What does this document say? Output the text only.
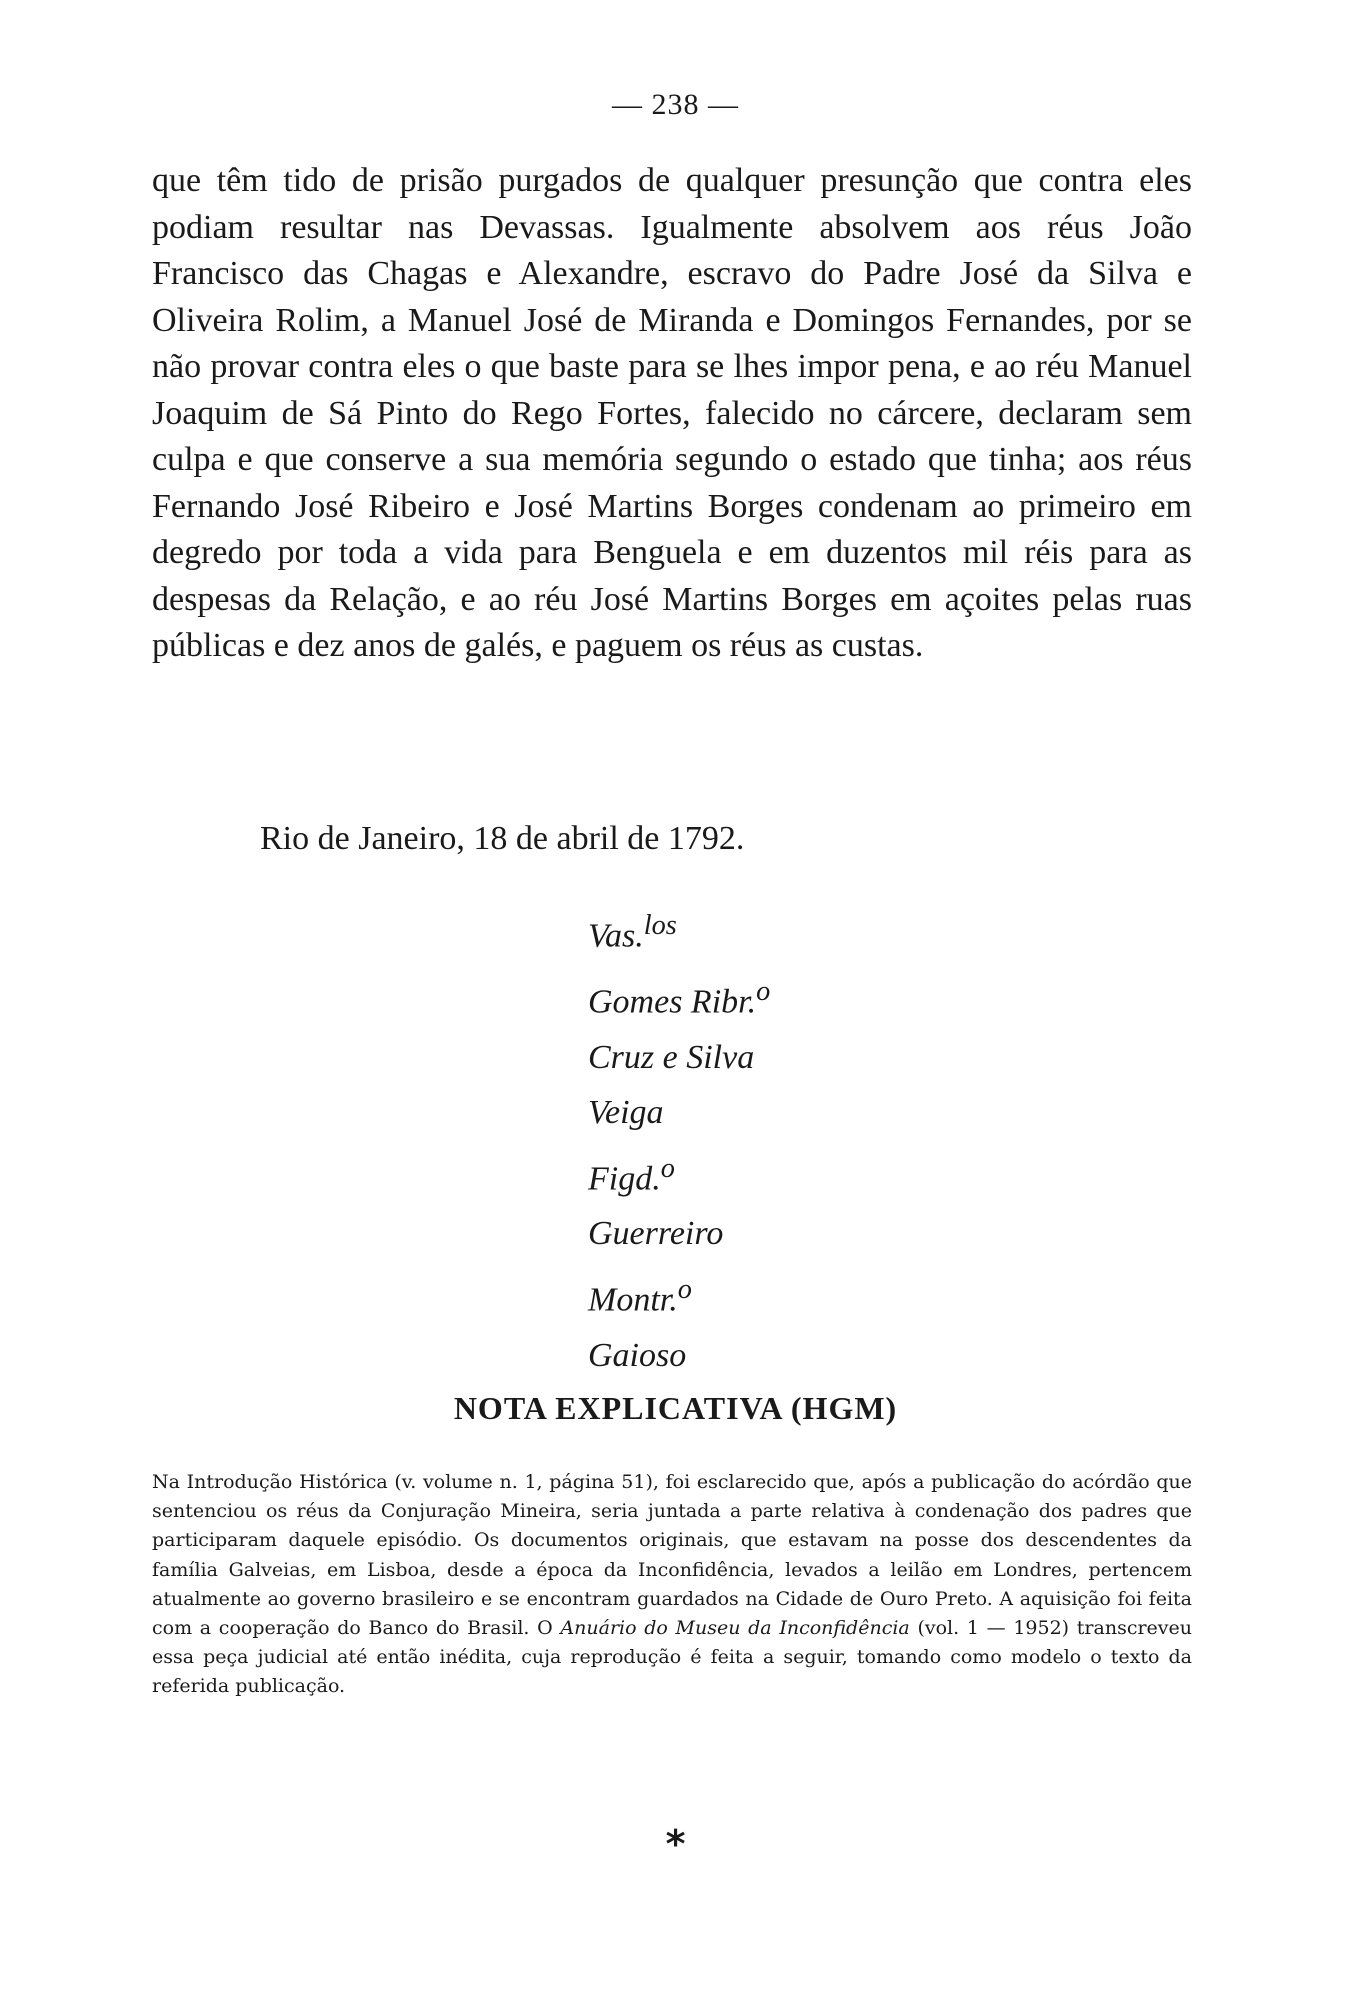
— 238 —

que têm tido de prisão purgados de qualquer presunção que contra eles podiam resultar nas Devassas. Igualmente absolvem aos réus João Francisco das Chagas e Alexandre, escravo do Padre José da Silva e Oliveira Rolim, a Manuel José de Miranda e Domingos Fernandes, por se não provar contra eles o que baste para se lhes impor pena, e ao réu Manuel Joaquim de Sá Pinto do Rego Fortes, falecido no cárcere, declaram sem culpa e que conserve a sua memória segundo o estado que tinha; aos réus Fernando José Ribeiro e José Martins Borges condenam ao primeiro em degredo por toda a vida para Benguela e em duzentos mil réis para as despesas da Relação, e ao réu José Martins Borges em açoites pelas ruas públicas e dez anos de galés, e paguem os réus as custas.

Rio de Janeiro, 18 de abril de 1792.

Vas.$^{los}$
Gomes Ribr.$^o$
Cruz e Silva
Veiga
Figd.$^o$
Guerreiro
Montr.$^o$
Gaioso
NOTA EXPLICATIVA (HGM)

Na Introdução Histórica (v. volume n. 1, página 51), foi esclarecido que, após a publicação do acórdão que sentenciou os réus da Conjuração Mineira, seria juntada a parte relativa à condenação dos padres que participaram daquele episódio. Os documentos originais, que estavam na posse dos descendentes da família Galveias, em Lisboa, desde a época da Inconfidência, levados a leilão em Londres, pertencem atualmente ao governo brasileiro e se encontram guardados na Cidade de Ouro Preto. A aquisição foi feita com a cooperação do Banco do Brasil. O Anuário do Museu da Inconfidência (vol. 1 — 1952) transcreveu essa peça judicial até então inédita, cuja reprodução é feita a seguir, tomando como modelo o texto da referida publicação.

*
